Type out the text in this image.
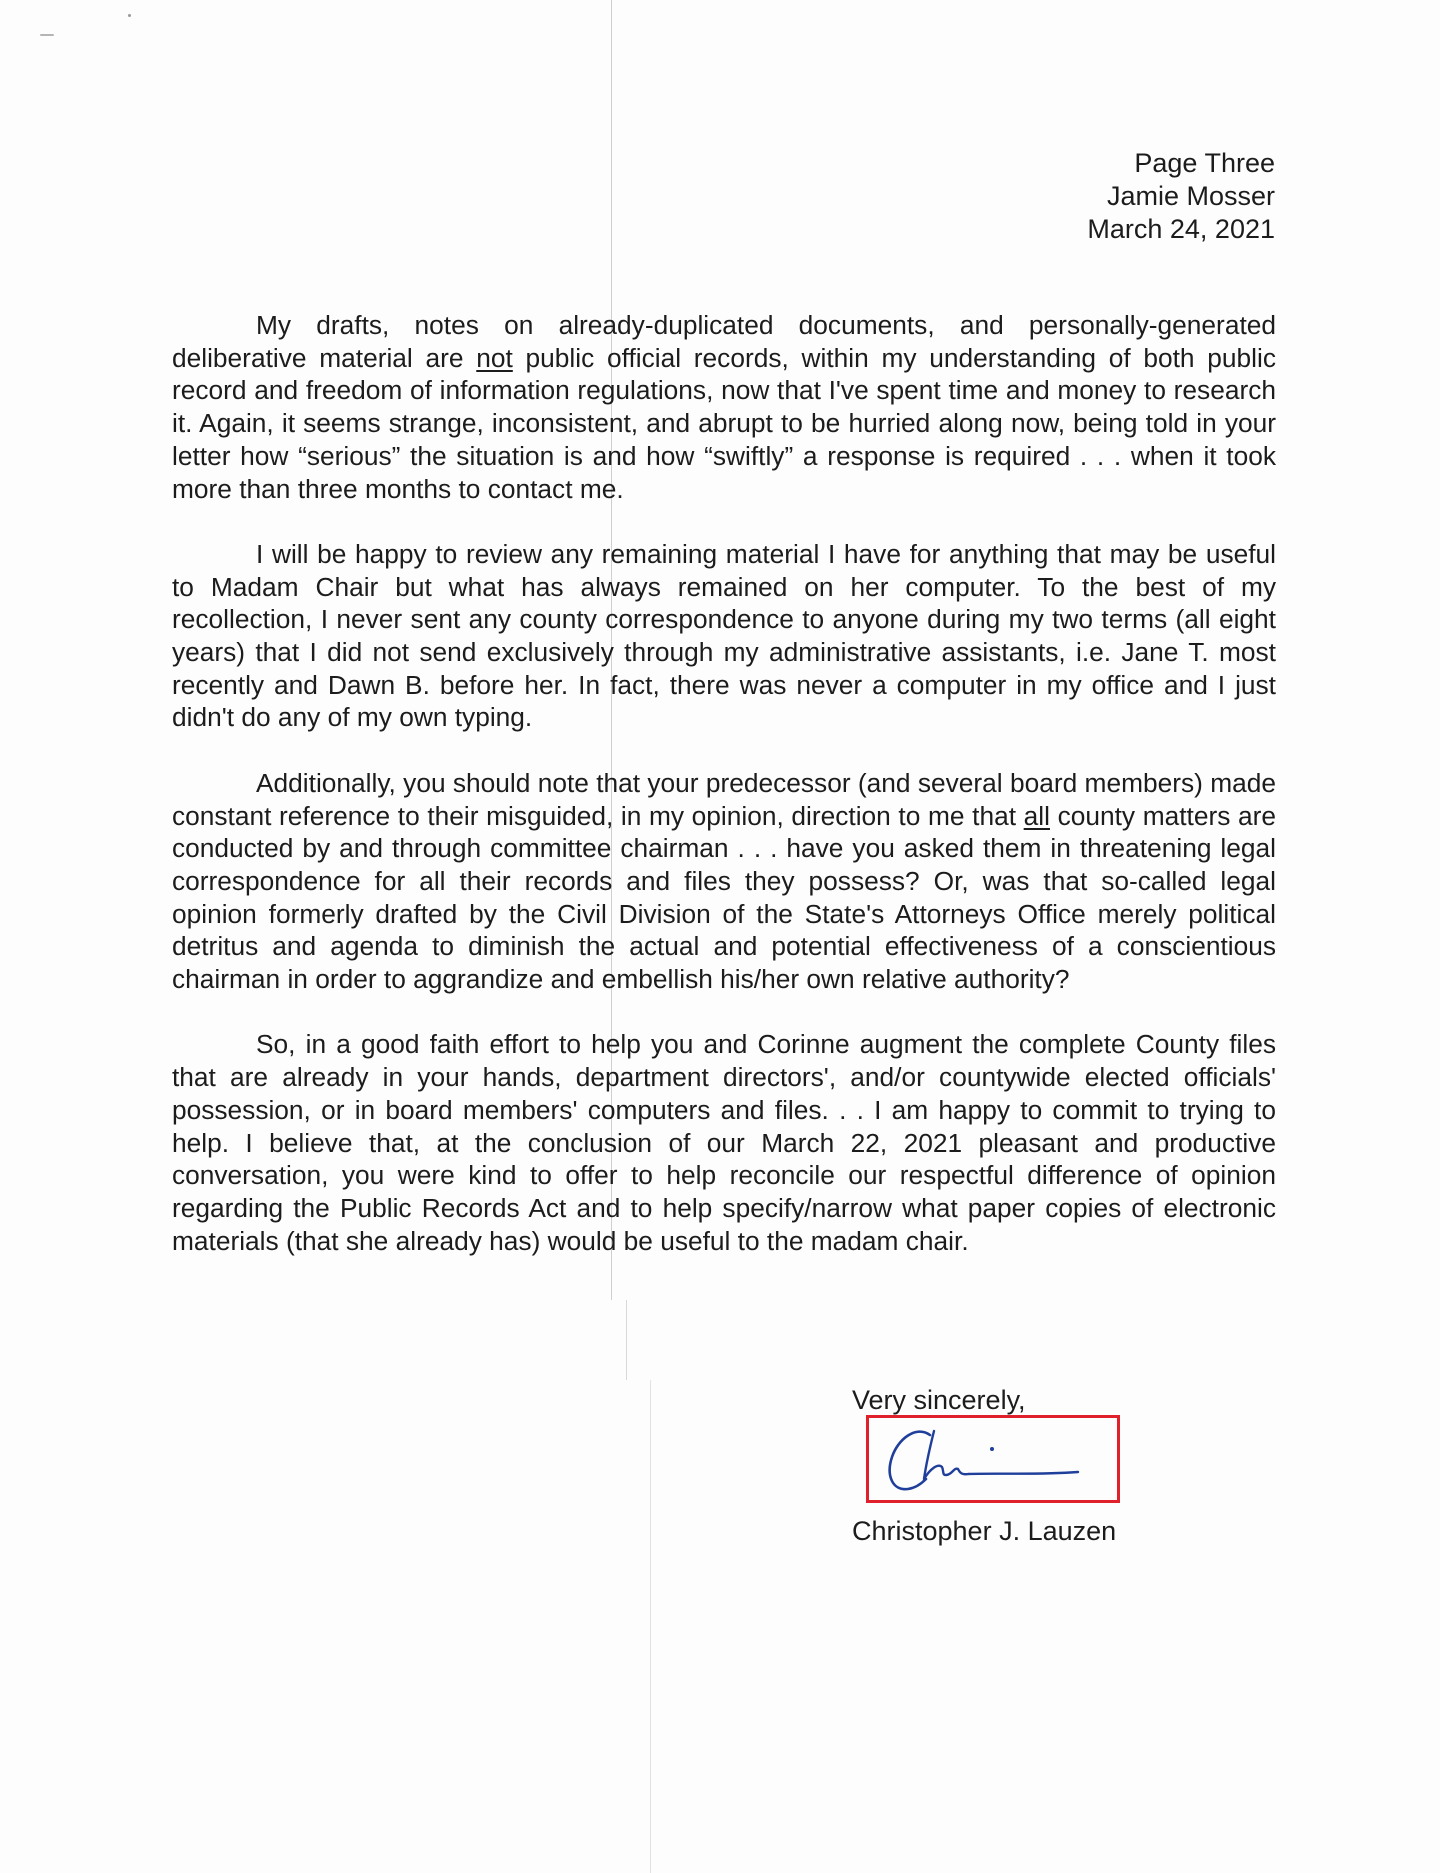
Page Three
Jamie Mosser
March 24, 2021

My drafts, notes on already-duplicated documents, and personally-generated deliberative material are not public official records, within my understanding of both public record and freedom of information regulations, now that I've spent time and money to research it. Again, it seems strange, inconsistent, and abrupt to be hurried along now, being told in your letter how “serious” the situation is and how “swiftly” a response is required . . . when it took more than three months to contact me.

I will be happy to review any remaining material I have for anything that may be useful to Madam Chair but what has always remained on her computer. To the best of my recollection, I never sent any county correspondence to anyone during my two terms (all eight years) that I did not send exclusively through my administrative assistants, i.e. Jane T. most recently and Dawn B. before her. In fact, there was never a computer in my office and I just didn't do any of my own typing.

Additionally, you should note that your predecessor (and several board members) made constant reference to their misguided, in my opinion, direction to me that all county matters are conducted by and through committee chairman . . . have you asked them in threatening legal correspondence for all their records and files they possess? Or, was that so-called legal opinion formerly drafted by the Civil Division of the State's Attorneys Office merely political detritus and agenda to diminish the actual and potential effectiveness of a conscientious chairman in order to aggrandize and embellish his/her own relative authority?

So, in a good faith effort to help you and Corinne augment the complete County files that are already in your hands, department directors', and/or countywide elected officials' possession, or in board members' computers and files. . . I am happy to commit to trying to help. I believe that, at the conclusion of our March 22, 2021 pleasant and productive conversation, you were kind to offer to help reconcile our respectful difference of opinion regarding the Public Records Act and to help specify/narrow what paper copies of electronic materials (that she already has) would be useful to the madam chair.

Very sincerely,
Christopher J. Lauzen
